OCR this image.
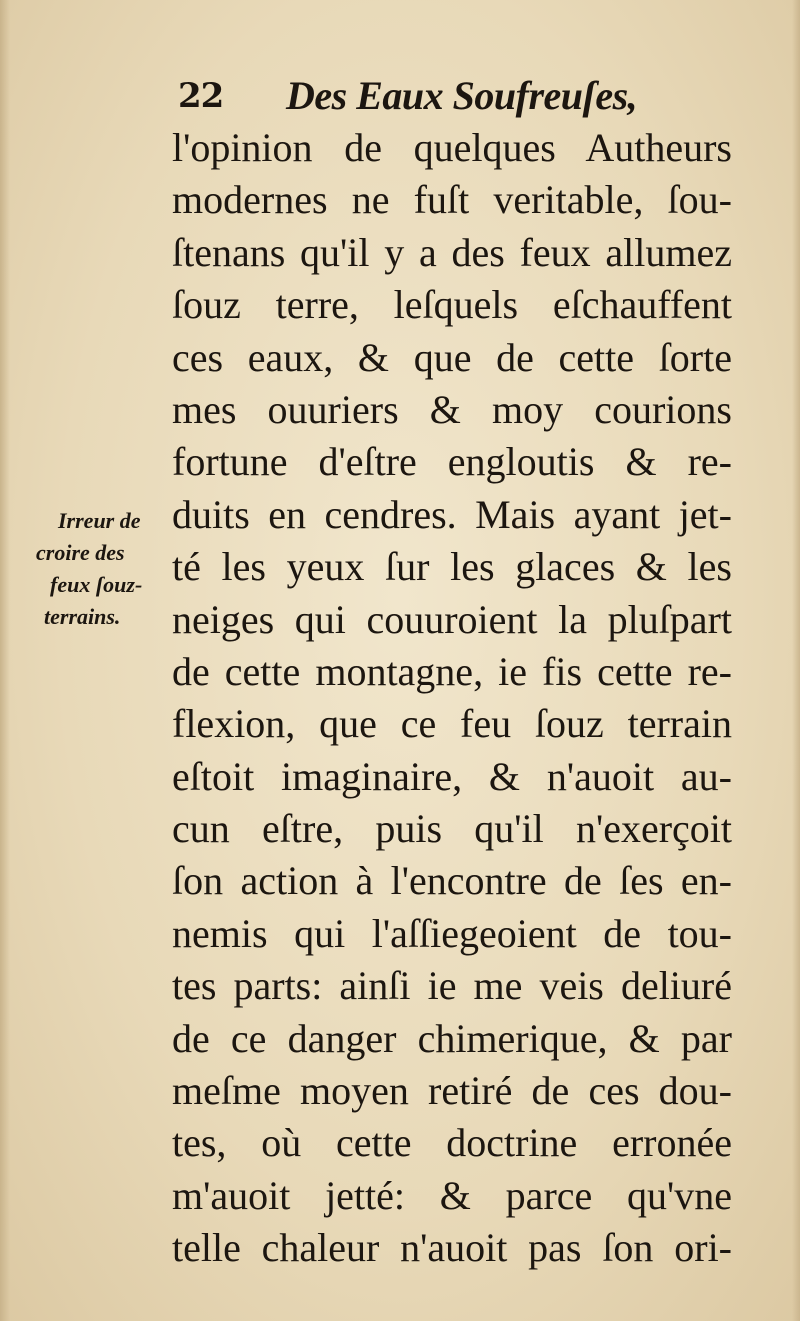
22 Des Eaux Soufreuſes,
Irreur de
croire des
feux ſouz-
terrains.
l'opinion de quelques Autheurs
modernes ne fuſt veritable, ſou-
ſtenans qu'il y a des feux allumez
ſouz terre, leſquels eſchauffent
ces eaux, & que de cette ſorte
mes ouuriers & moy courions
fortune d'eſtre engloutis & re-
duits en cendres. Mais ayant jet-
té les yeux ſur les glaces & les
neiges qui couuroient la pluſpart
de cette montagne, ie fis cette re-
flexion, que ce feu ſouz terrain
eſtoit imaginaire, & n'auoit au-
cun eſtre, puis qu'il n'exerçoit
ſon action à l'encontre de ſes en-
nemis qui l'aſſiegeoient de tou-
tes parts: ainſi ie me veis deliuré
de ce danger chimerique, & par
meſme moyen retiré de ces dou-
tes, où cette doctrine erronée
m'auoit jetté: & parce qu'vne
telle chaleur n'auoit pas ſon ori-
